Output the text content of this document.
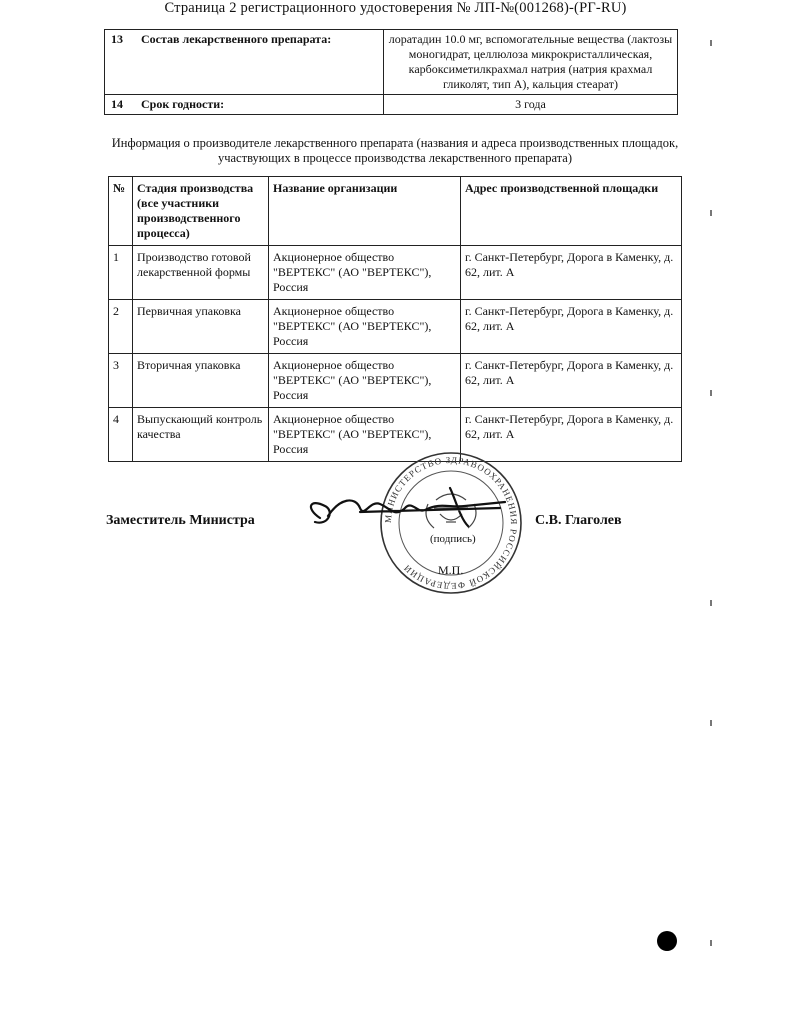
Страница 2 регистрационного удостоверения № ЛП-№(001268)-(РГ-RU)
13	Состав лекарственного препарата:	лоратадин 10.0 мг, вспомогательные вещества (лактозы моногидрат, целлюлоза микрокристаллическая, карбоксиметилкрахмал натрия (натрия крахмал гликолят, тип А), кальция стеарат)
14	Срок годности:	3 года
Информация о производителе лекарственного препарата (названия и адреса производственных площадок, участвующих в процессе производства лекарственного препарата)
№	Стадия производства (все участники производственного процесса)	Название организации	Адрес производственной площадки
1	Производство готовой лекарственной формы	Акционерное общество "ВЕРТЕКС" (АО "ВЕРТЕКС"), Россия	г. Санкт-Петербург, Дорога в Каменку, д. 62, лит. А
2	Первичная упаковка	Акционерное общество "ВЕРТЕКС" (АО "ВЕРТЕКС"), Россия	г. Санкт-Петербург, Дорога в Каменку, д. 62, лит. А
3	Вторичная упаковка	Акционерное общество "ВЕРТЕКС" (АО "ВЕРТЕКС"), Россия	г. Санкт-Петербург, Дорога в Каменку, д. 62, лит. А
4	Выпускающий контроль качества	Акционерное общество "ВЕРТЕКС" (АО "ВЕРТЕКС"), Россия	г. Санкт-Петербург, Дорога в Каменку, д. 62, лит. А
Заместитель Министра	МИНИСТЕРСТВО ЗДРАВООХРАНЕНИЯ РОССИЙСКОЙ ФЕДЕРАЦИИ
С.В. Глаголев
(подпись)
М.П.
